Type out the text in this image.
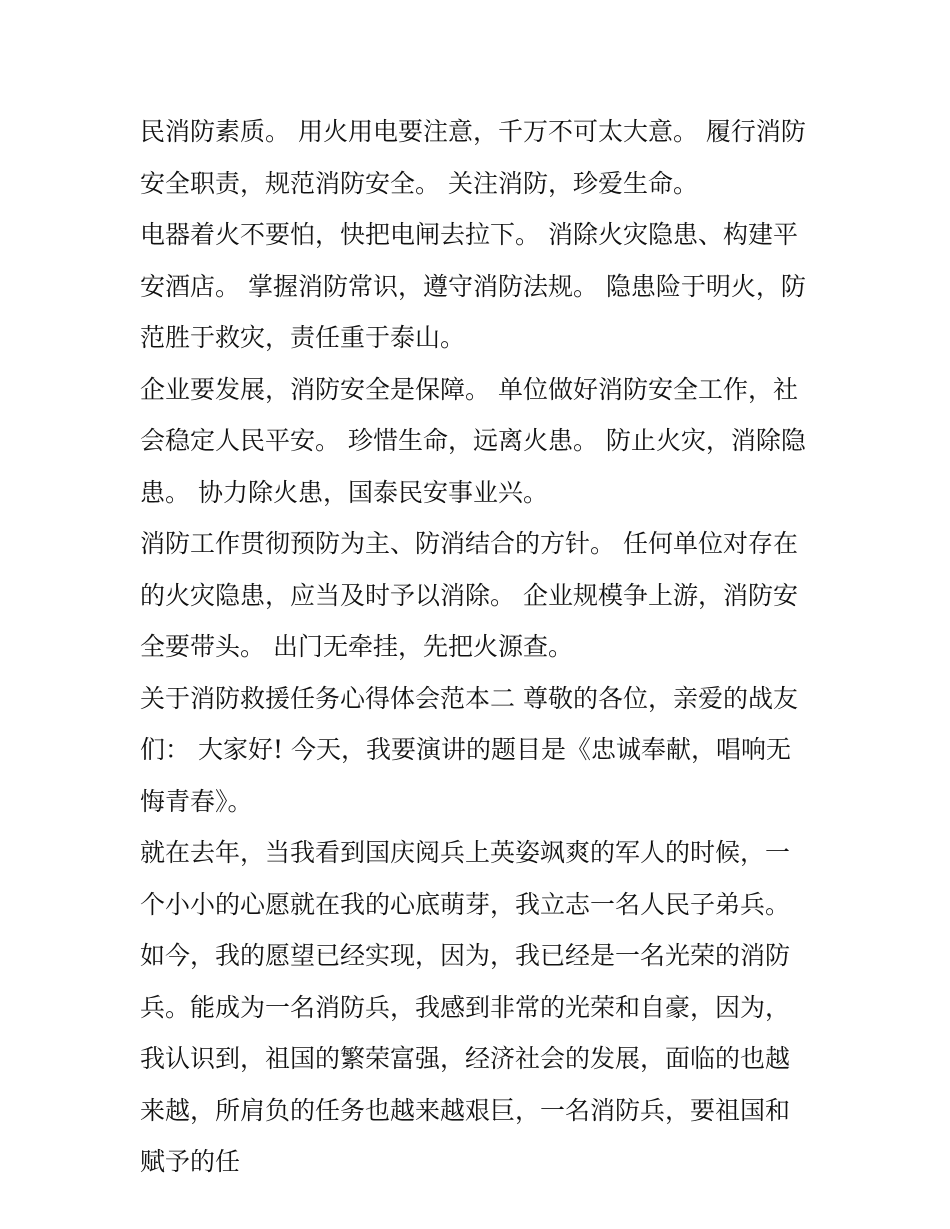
民消防素质。 用火用电要注意，千万不可太大意。 履行消防安全职责，规范消防安全。 关注消防，珍爱生命。

电器着火不要怕，快把电闸去拉下。 消除火灾隐患、构建平安酒店。 掌握消防常识，遵守消防法规。 隐患险于明火，防范胜于救灾，责任重于泰山。

企业要发展，消防安全是保障。 单位做好消防安全工作，社会稳定人民平安。 珍惜生命，远离火患。 防止火灾，消除隐患。 协力除火患，国泰民安事业兴。

消防工作贯彻预防为主、防消结合的方针。 任何单位对存在的火灾隐患，应当及时予以消除。 企业规模争上游，消防安全要带头。 出门无牵挂，先把火源查。

关于消防救援任务心得体会范本二 尊敬的各位，亲爱的战友们： 大家好! 今天，我要演讲的题目是《忠诚奉献，唱响无悔青春》。

就在去年，当我看到国庆阅兵上英姿飒爽的军人的时候，一个小小的心愿就在我的心底萌芽，我立志一名人民子弟兵。如今，我的愿望已经实现，因为，我已经是一名光荣的消防兵。能成为一名消防兵，我感到非常的光荣和自豪，因为，我认识到，祖国的繁荣富强，经济社会的发展，面临的也越来越，所肩负的任务也越来越艰巨，一名消防兵，要祖国和赋予的任
